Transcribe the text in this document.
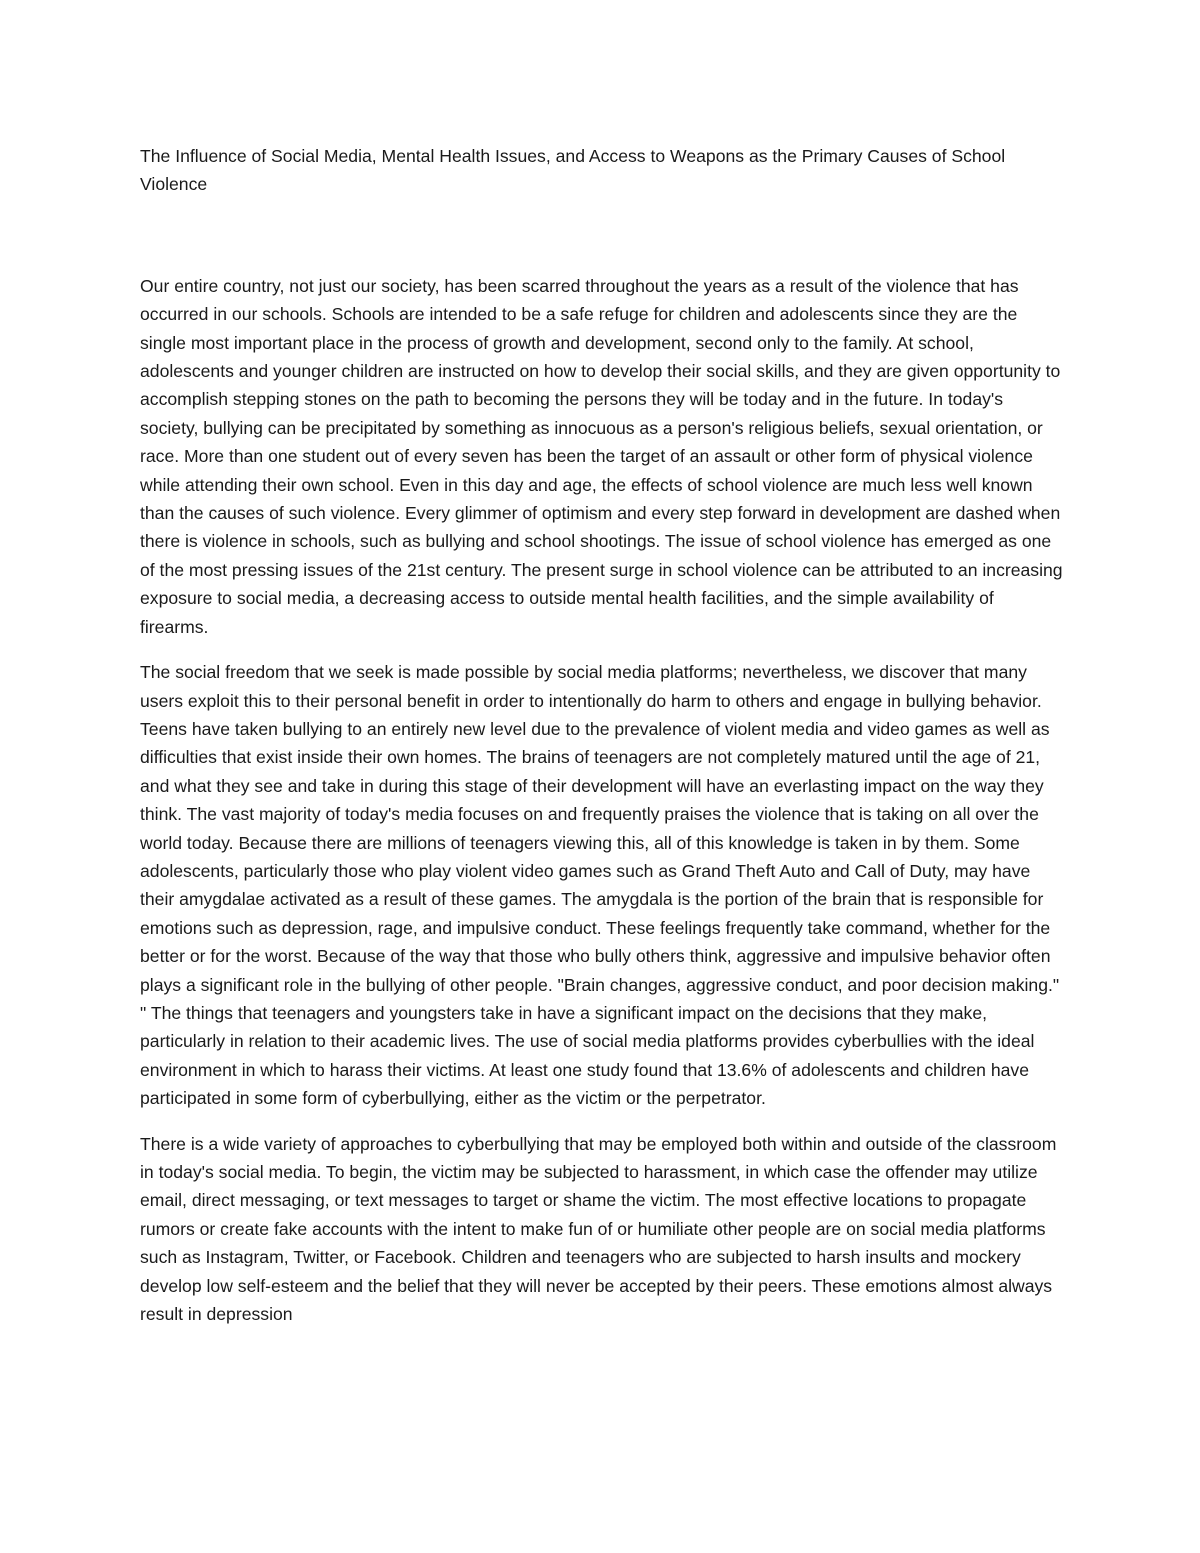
The Influence of Social Media, Mental Health Issues, and Access to Weapons as the Primary Causes of School Violence

Our entire country, not just our society, has been scarred throughout the years as a result of the violence that has occurred in our schools. Schools are intended to be a safe refuge for children and adolescents since they are the single most important place in the process of growth and development, second only to the family. At school, adolescents and younger children are instructed on how to develop their social skills, and they are given opportunity to accomplish stepping stones on the path to becoming the persons they will be today and in the future. In today's society, bullying can be precipitated by something as innocuous as a person's religious beliefs, sexual orientation, or race. More than one student out of every seven has been the target of an assault or other form of physical violence while attending their own school. Even in this day and age, the effects of school violence are much less well known than the causes of such violence. Every glimmer of optimism and every step forward in development are dashed when there is violence in schools, such as bullying and school shootings. The issue of school violence has emerged as one of the most pressing issues of the 21st century. The present surge in school violence can be attributed to an increasing exposure to social media, a decreasing access to outside mental health facilities, and the simple availability of firearms.

The social freedom that we seek is made possible by social media platforms; nevertheless, we discover that many users exploit this to their personal benefit in order to intentionally do harm to others and engage in bullying behavior. Teens have taken bullying to an entirely new level due to the prevalence of violent media and video games as well as difficulties that exist inside their own homes. The brains of teenagers are not completely matured until the age of 21, and what they see and take in during this stage of their development will have an everlasting impact on the way they think. The vast majority of today's media focuses on and frequently praises the violence that is taking on all over the world today. Because there are millions of teenagers viewing this, all of this knowledge is taken in by them. Some adolescents, particularly those who play violent video games such as Grand Theft Auto and Call of Duty, may have their amygdalae activated as a result of these games. The amygdala is the portion of the brain that is responsible for emotions such as depression, rage, and impulsive conduct. These feelings frequently take command, whether for the better or for the worst. Because of the way that those who bully others think, aggressive and impulsive behavior often plays a significant role in the bullying of other people. "Brain changes, aggressive conduct, and poor decision making." " The things that teenagers and youngsters take in have a significant impact on the decisions that they make, particularly in relation to their academic lives. The use of social media platforms provides cyberbullies with the ideal environment in which to harass their victims. At least one study found that 13.6% of adolescents and children have participated in some form of cyberbullying, either as the victim or the perpetrator.

There is a wide variety of approaches to cyberbullying that may be employed both within and outside of the classroom in today's social media. To begin, the victim may be subjected to harassment, in which case the offender may utilize email, direct messaging, or text messages to target or shame the victim. The most effective locations to propagate rumors or create fake accounts with the intent to make fun of or humiliate other people are on social media platforms such as Instagram, Twitter, or Facebook. Children and teenagers who are subjected to harsh insults and mockery develop low self-esteem and the belief that they will never be accepted by their peers. These emotions almost always result in depression
